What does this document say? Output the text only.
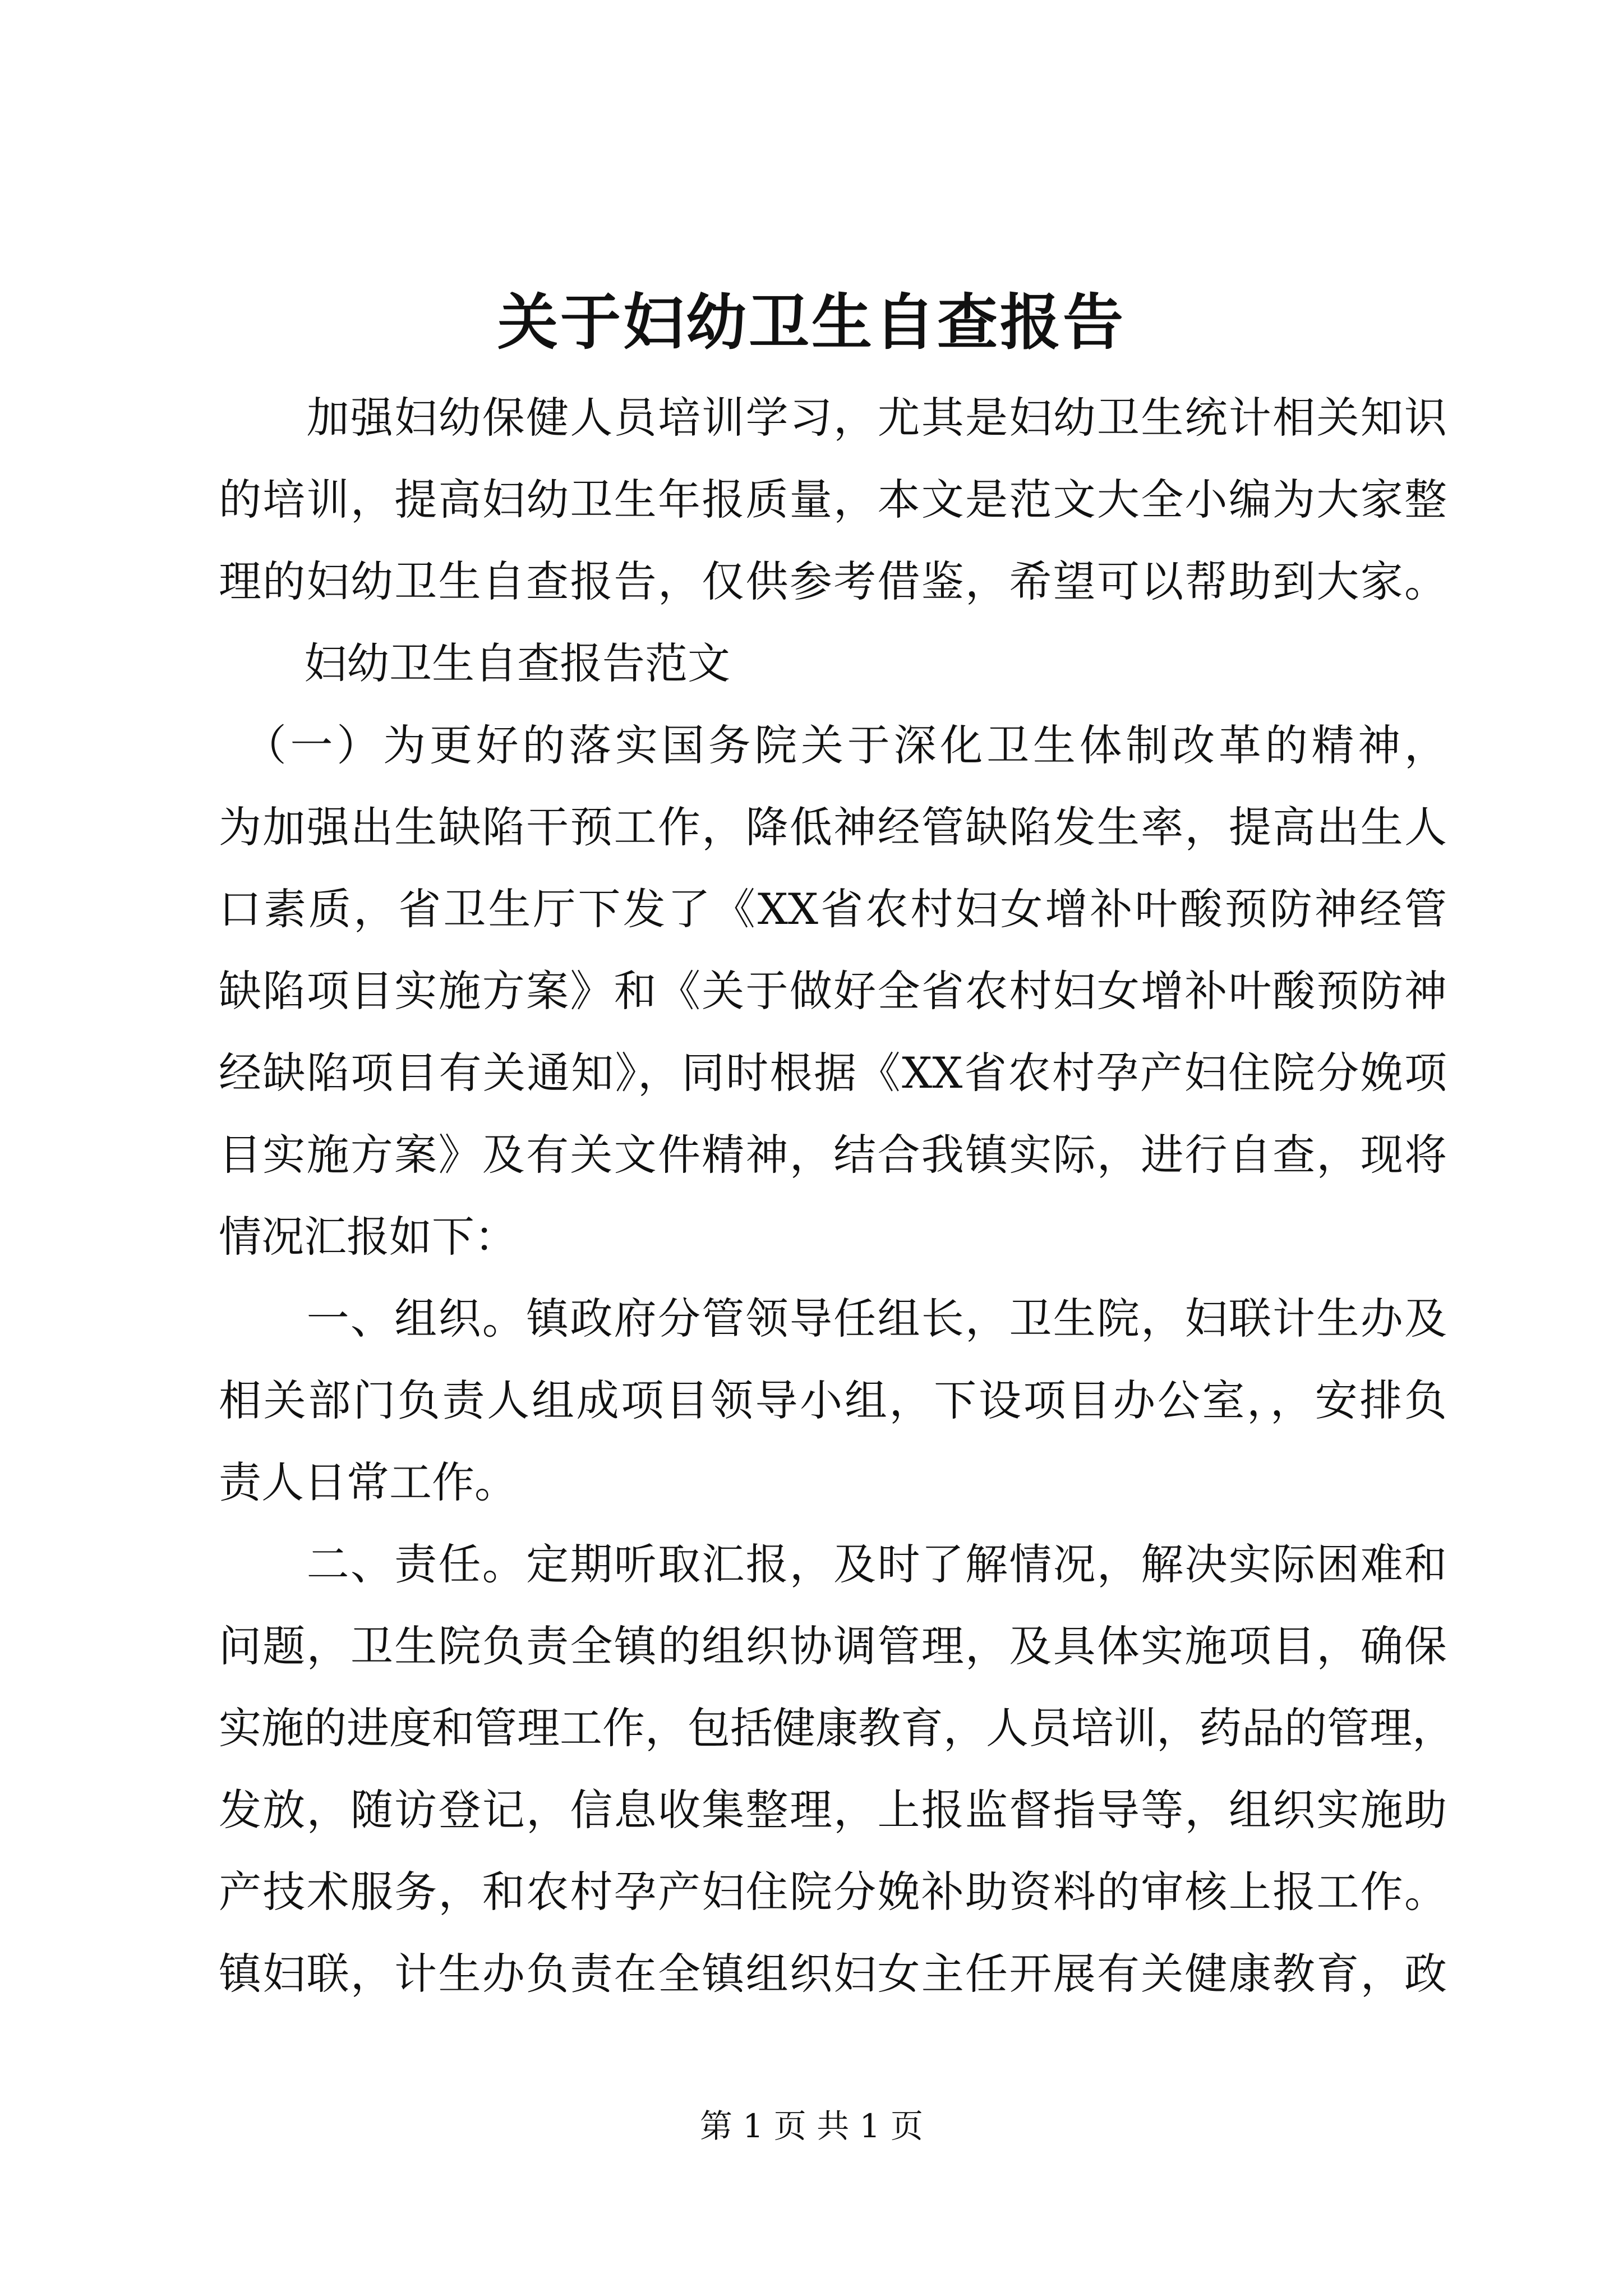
关于妇幼卫生自查报告
　　加强妇幼保健人员培训学习，尤其是妇幼卫生统计相关知识
的培训，提高妇幼卫生年报质量，本文是范文大全小编为大家整
理的妇幼卫生自查报告，仅供参考借鉴，希望可以帮助到大家。
　　妇幼卫生自查报告范文
　（一）为更好的落实国务院关于深化卫生体制改革的精神，
为加强出生缺陷干预工作，降低神经管缺陷发生率，提高出生人
口素质，省卫生厅下发了《XX省农村妇女增补叶酸预防神经管
缺陷项目实施方案》和《关于做好全省农村妇女增补叶酸预防神
经缺陷项目有关通知》，同时根据《XX省农村孕产妇住院分娩项
目实施方案》及有关文件精神，结合我镇实际，进行自查，现将
情况汇报如下：
　　一、组织。镇政府分管领导任组长，卫生院，妇联计生办及
相关部门负责人组成项目领导小组，下设项目办公室，，安排负
责人日常工作。
　　二、责任。定期听取汇报，及时了解情况，解决实际困难和
问题，卫生院负责全镇的组织协调管理，及具体实施项目，确保
实施的进度和管理工作，包括健康教育，人员培训，药品的管理，
发放，随访登记，信息收集整理，上报监督指导等，组织实施助
产技术服务，和农村孕产妇住院分娩补助资料的审核上报工作。
镇妇联，计生办负责在全镇组织妇女主任开展有关健康教育，政
第 1 页 共 1 页
